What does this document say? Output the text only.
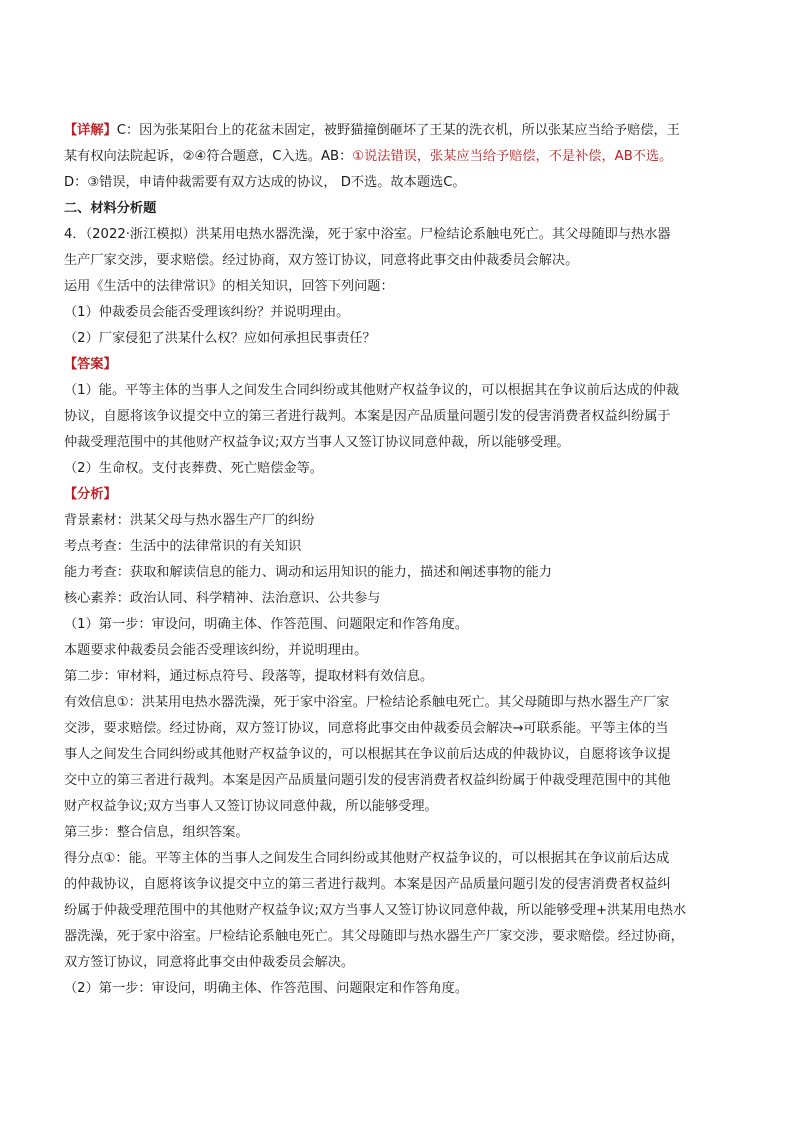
【详解】C：因为张某阳台上的花盆未固定，被野猫撞倒砸坏了王某的洗衣机，所以张某应当给予赔偿，王

某有权向法院起诉，②④符合题意，C入选。AB：①说法错误，张某应当给予赔偿，不是补偿，AB不选。

D：③错误，申请仲裁需要有双方达成的协议， D不选。故本题选C。

二、材料分析题

4．（2022·浙江模拟）洪某用电热水器洗澡，死于家中浴室。尸检结论系触电死亡。其父母随即与热水器

生产厂家交涉，要求赔偿。经过协商，双方签订协议，同意将此事交由仲裁委员会解决。

运用《生活中的法律常识》的相关知识，回答下列问题：

（1）仲裁委员会能否受理该纠纷？并说明理由。

（2）厂家侵犯了洪某什么权？应如何承担民事责任？

【答案】

（1）能。平等主体的当事人之间发生合同纠纷或其他财产权益争议的，可以根据其在争议前后达成的仲裁

协议，自愿将该争议提交中立的第三者进行裁判。本案是因产品质量问题引发的侵害消费者权益纠纷属于

仲裁受理范围中的其他财产权益争议;双方当事人又签订协议同意仲裁，所以能够受理。

（2）生命权。支付丧葬费、死亡赔偿金等。

【分析】

背景素材：洪某父母与热水器生产厂的纠纷

考点考查：生活中的法律常识的有关知识

能力考查：获取和解读信息的能力、调动和运用知识的能力，描述和阐述事物的能力

核心素养：政治认同、科学精神、法治意识、公共参与

（1）第一步：审设问，明确主体、作答范围、问题限定和作答角度。

本题要求仲裁委员会能否受理该纠纷，并说明理由。

第二步：审材料，通过标点符号、段落等，提取材料有效信息。

有效信息①：洪某用电热水器洗澡，死于家中浴室。尸检结论系触电死亡。其父母随即与热水器生产厂家

交涉，要求赔偿。经过协商，双方签订协议，同意将此事交由仲裁委员会解决→可联系能。平等主体的当

事人之间发生合同纠纷或其他财产权益争议的，可以根据其在争议前后达成的仲裁协议，自愿将该争议提

交中立的第三者进行裁判。本案是因产品质量问题引发的侵害消费者权益纠纷属于仲裁受理范围中的其他

财产权益争议;双方当事人又签订协议同意仲裁，所以能够受理。

第三步：整合信息，组织答案。

得分点①：能。平等主体的当事人之间发生合同纠纷或其他财产权益争议的，可以根据其在争议前后达成

的仲裁协议，自愿将该争议提交中立的第三者进行裁判。本案是因产品质量问题引发的侵害消费者权益纠

纷属于仲裁受理范围中的其他财产权益争议;双方当事人又签订协议同意仲裁，所以能够受理+洪某用电热水

器洗澡，死于家中浴室。尸检结论系触电死亡。其父母随即与热水器生产厂家交涉，要求赔偿。经过协商，

双方签订协议，同意将此事交由仲裁委员会解决。

（2）第一步：审设问，明确主体、作答范围、问题限定和作答角度。
